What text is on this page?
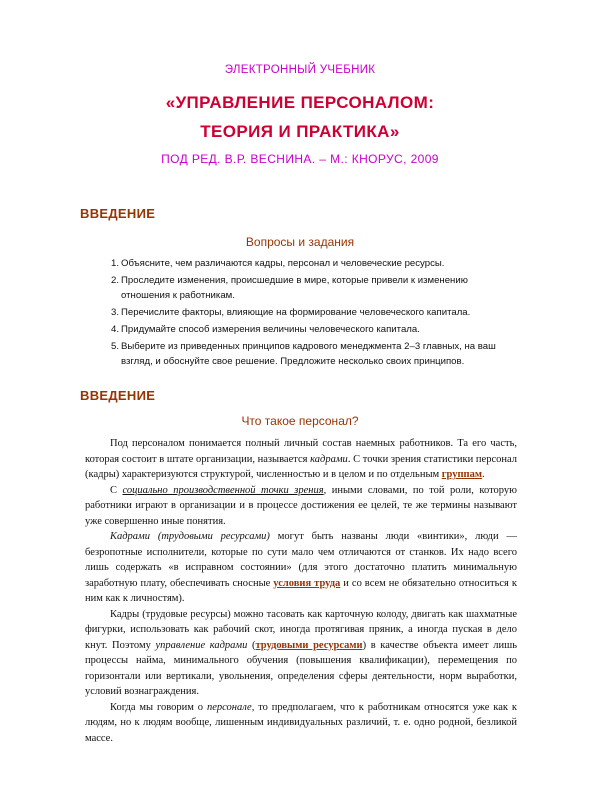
ЭЛЕКТРОННЫЙ УЧЕБНИК
«УПРАВЛЕНИЕ ПЕРСОНАЛОМ:
ТЕОРИЯ И ПРАКТИКА»
ПОД РЕД. В.Р. ВЕСНИНА. – М.: КНОРУС, 2009
ВВЕДЕНИЕ
Вопросы и задания
1. Объясните, чем различаются кадры, персонал и человеческие ресурсы.
2. Проследите изменения, происшедшие в мире, которые привели к изменению
отношения к работникам.
3. Перечислите факторы, влияющие на формирование человеческого капитала.
4. Придумайте способ измерения величины человеческого капитала.
5. Выберите из приведенных принципов кадрового менеджмента 2–3 главных, на ваш
взгляд, и обоснуйте свое решение. Предложите несколько своих принципов.
ВВЕДЕНИЕ
Что такое персонал?

Под персоналом понимается полный личный состав наемных работников. Та его часть, которая состоит в штате организации, называется кадрами. С точки зрения статистики персонал (кадры) характеризуются структурой, численностью и в целом и по отдельным группам.

С социально производственной точки зрения, иными словами, по той роли, которую работники играют в организации и в процессе достижения ее целей, те же термины называют уже совершенно иные понятия.

Кадрами (трудовыми ресурсами) могут быть названы люди «винтики», люди — безропотные исполнители, которые по сути мало чем отличаются от станков. Их надо всего лишь содержать «в исправном состоянии» (для этого достаточно платить минимальную заработную плату, обеспечивать сносные условия труда и со всем не обязательно относиться к ним как к личностям).

Кадры (трудовые ресурсы) можно тасовать как карточную колоду, двигать как шахматные фигурки, использовать как рабочий скот, иногда протягивая пряник, а иногда пуская в дело кнут. Поэтому управление кадрами (трудовыми ресурсами) в качестве объекта имеет лишь процессы найма, минимального обучения (повышения квалификации), перемещения по горизонтали или вертикали, увольнения, определения сферы деятельности, норм выработки, условий вознаграждения.

Когда мы говорим о персонале, то предполагаем, что к работникам относятся уже как к людям, но к людям вообще, лишенным индивидуальных различий, т. е. одно родной, безликой массе.
